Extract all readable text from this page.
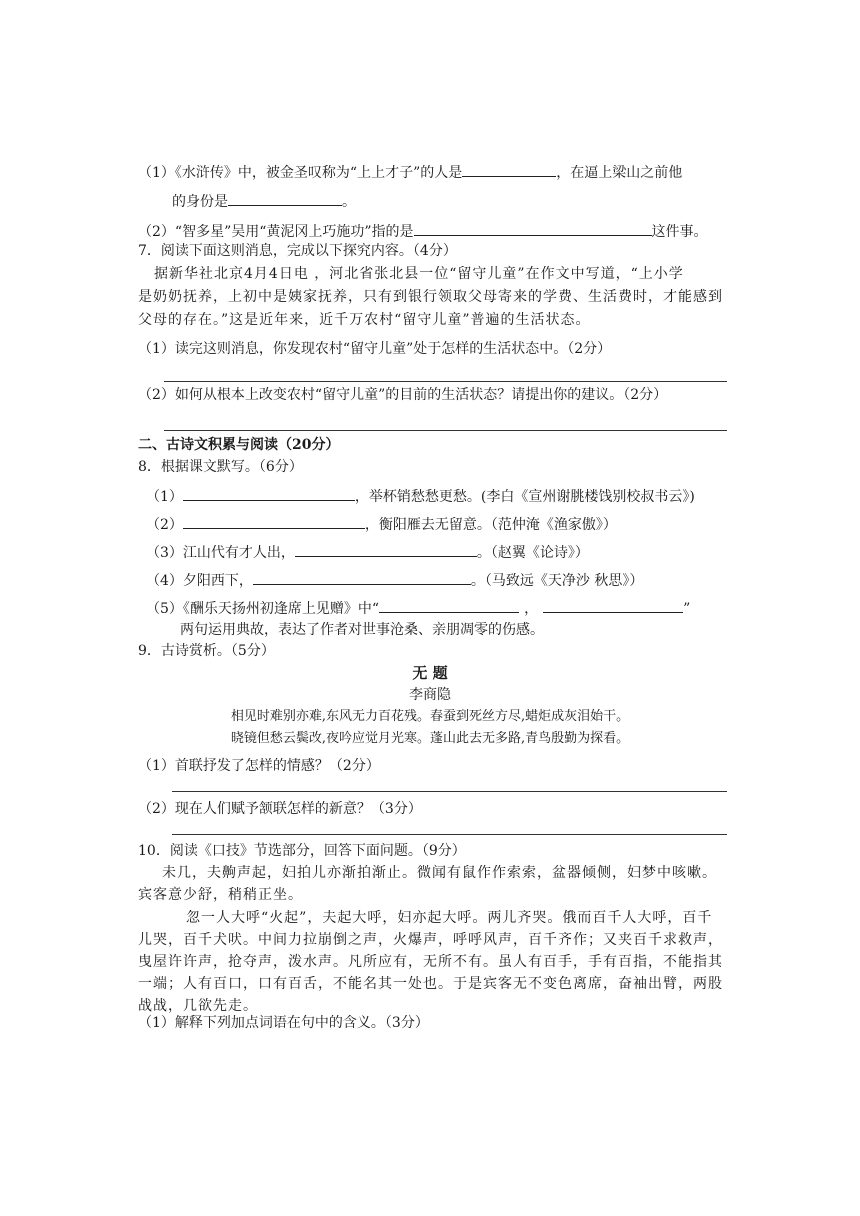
（1）《水浒传》中，被金圣叹称为“上上才子”的人是	，在逼上梁山之前他
的身份是	。
（2）“智多星”吴用“黄泥冈上巧施功”指的是	这件事。
7．阅读下面这则消息，完成以下探究内容。（4分）
据新华社北京4月4日电 ，河北省张北县一位“留守儿童”在作文中写道，“上小学
是奶奶抚养，上初中是姨家抚养，只有到银行领取父母寄来的学费、生活费时，才能感到
父母的存在。”这是近年来，近千万农村“留守儿童”普遍的生活状态。
（1）读完这则消息，你发现农村“留守儿童”处于怎样的生活状态中。（2分）
（2）如何从根本上改变农村“留守儿童”的目前的生活状态？请提出你的建议。（2分）
二、古诗文积累与阅读（20分）
8．根据课文默写。（6分）
（1）	，举杯销愁愁更愁。(李白《宣州谢朓楼饯别校叔书云》)
（2）	，衡阳雁去无留意。（范仲淹《渔家傲》）
（3）江山代有才人出，	。（赵翼《论诗》）
（4）夕阳西下，	。（马致远《天净沙 秋思》）
（5）《酬乐天扬州初逢席上见赠》中“	，	”
两句运用典故，表达了作者对世事沧桑、亲朋凋零的伤感。
9．古诗赏析。（5分）
无 题
李商隐
相见时难别亦难,东风无力百花残。春蚕到死丝方尽,蜡炬成灰泪始干。
晓镜但愁云鬓改,夜吟应觉月光寒。蓬山此去无多路,青鸟殷勤为探看。
（1）首联抒发了怎样的情感？（2分）
（2）现在人们赋予颔联怎样的新意？（3分）
10．阅读《口技》节选部分，回答下面问题。（9分）
未几，夫齁声起，妇拍儿亦渐拍渐止。微闻有鼠作作索索，盆器倾侧，妇梦中咳嗽。
宾客意少舒，稍稍正坐。
忽一人大呼“火起”，夫起大呼，妇亦起大呼。两儿齐哭。俄而百千人大呼，百千
儿哭，百千犬吠。中间力拉崩倒之声，火爆声，呼呼风声，百千齐作；又夹百千求救声，
曳屋许许声，抢夺声，泼水声。凡所应有，无所不有。虽人有百手，手有百指，不能指其
一端；人有百口，口有百舌，不能名其一处也。于是宾客无不变色离席，奋袖出臂，两股
战战，几欲先走。
（1）解释下列加点词语在句中的含义。（3分）
